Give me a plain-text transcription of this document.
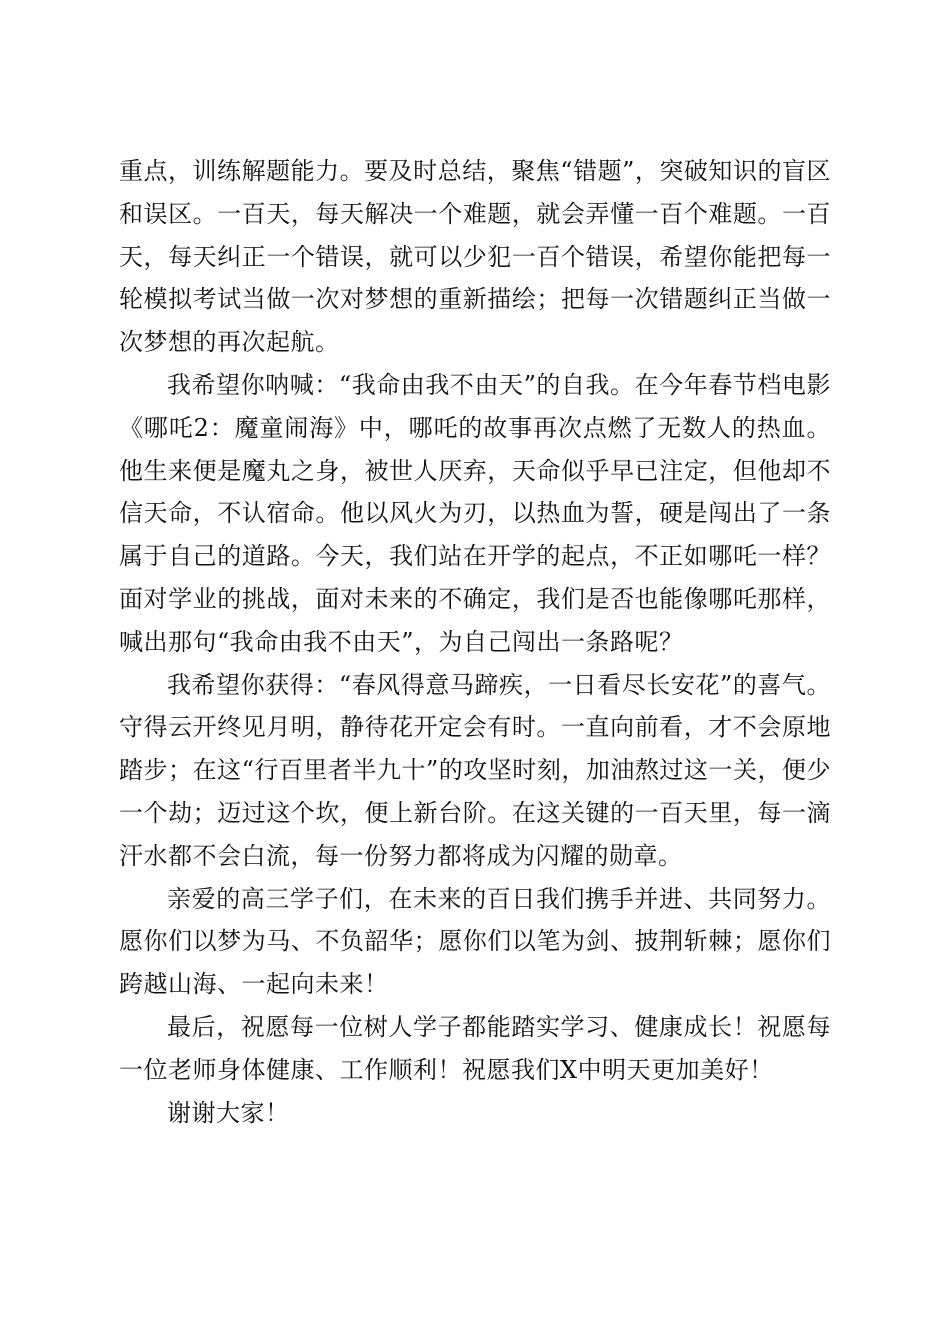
重点，训练解题能力。要及时总结，聚焦“错题”，突破知识的盲区和误区。一百天，每天解决一个难题，就会弄懂一百个难题。一百天，每天纠正一个错误，就可以少犯一百个错误，希望你能把每一轮模拟考试当做一次对梦想的重新描绘；把每一次错题纠正当做一次梦想的再次起航。

我希望你呐喊：“我命由我不由天”的自我。在今年春节档电影《哪吒2：魔童闹海》中，哪吒的故事再次点燃了无数人的热血。他生来便是魔丸之身，被世人厌弃，天命似乎早已注定，但他却不信天命，不认宿命。他以风火为刃，以热血为誓，硬是闯出了一条属于自己的道路。今天，我们站在开学的起点，不正如哪吒一样？面对学业的挑战，面对未来的不确定，我们是否也能像哪吒那样，喊出那句“我命由我不由天”，为自己闯出一条路呢？

我希望你获得：“春风得意马蹄疾，一日看尽长安花”的喜气。守得云开终见月明，静待花开定会有时。一直向前看，才不会原地踏步；在这“行百里者半九十”的攻坚时刻，加油熬过这一关，便少一个劫；迈过这个坎，便上新台阶。在这关键的一百天里，每一滴汗水都不会白流，每一份努力都将成为闪耀的勋章。

亲爱的高三学子们，在未来的百日我们携手并进、共同努力。愿你们以梦为马、不负韶华；愿你们以笔为剑、披荆斩棘；愿你们跨越山海、一起向未来！

最后，祝愿每一位树人学子都能踏实学习、健康成长！祝愿每一位老师身体健康、工作顺利！祝愿我们X中明天更加美好！

谢谢大家！
